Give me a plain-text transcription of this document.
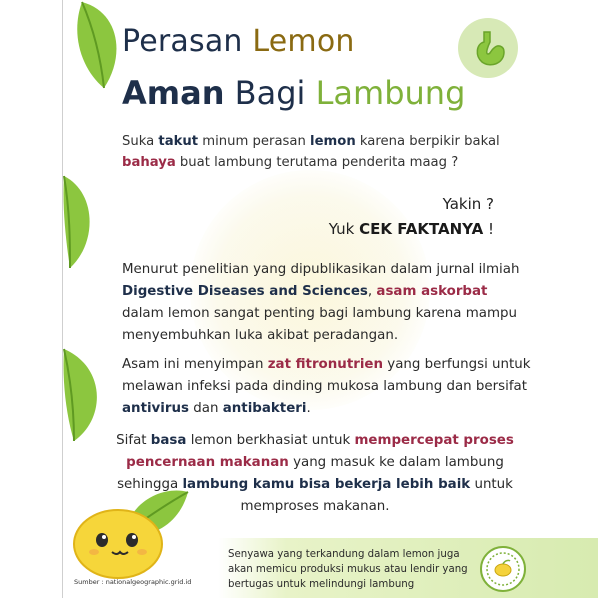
Perasan Lemon
Aman Bagi Lambung
Suka takut minum perasan lemon karena berpikir bakal bahaya buat lambung terutama penderita maag ?
Yakin ?
Yuk CEK FAKTANYA !
Menurut penelitian yang dipublikasikan dalam jurnal ilmiah Digestive Diseases and Sciences, asam askorbat dalam lemon sangat penting bagi lambung karena mampu menyembuhkan luka akibat peradangan.
Asam ini menyimpan zat fitronutrien yang berfungsi untuk melawan infeksi pada dinding mukosa lambung dan bersifat antivirus dan antibakteri.
Sifat basa lemon berkhasiat untuk mempercepat proses pencernaan makanan yang masuk ke dalam lambung sehingga lambung kamu bisa bekerja lebih baik untuk memproses makanan.
Senyawa yang terkandung dalam lemon juga akan memicu produksi mukus atau lendir yang bertugas untuk melindungi lambung
Sumber : nationalgeographic.grid.id
